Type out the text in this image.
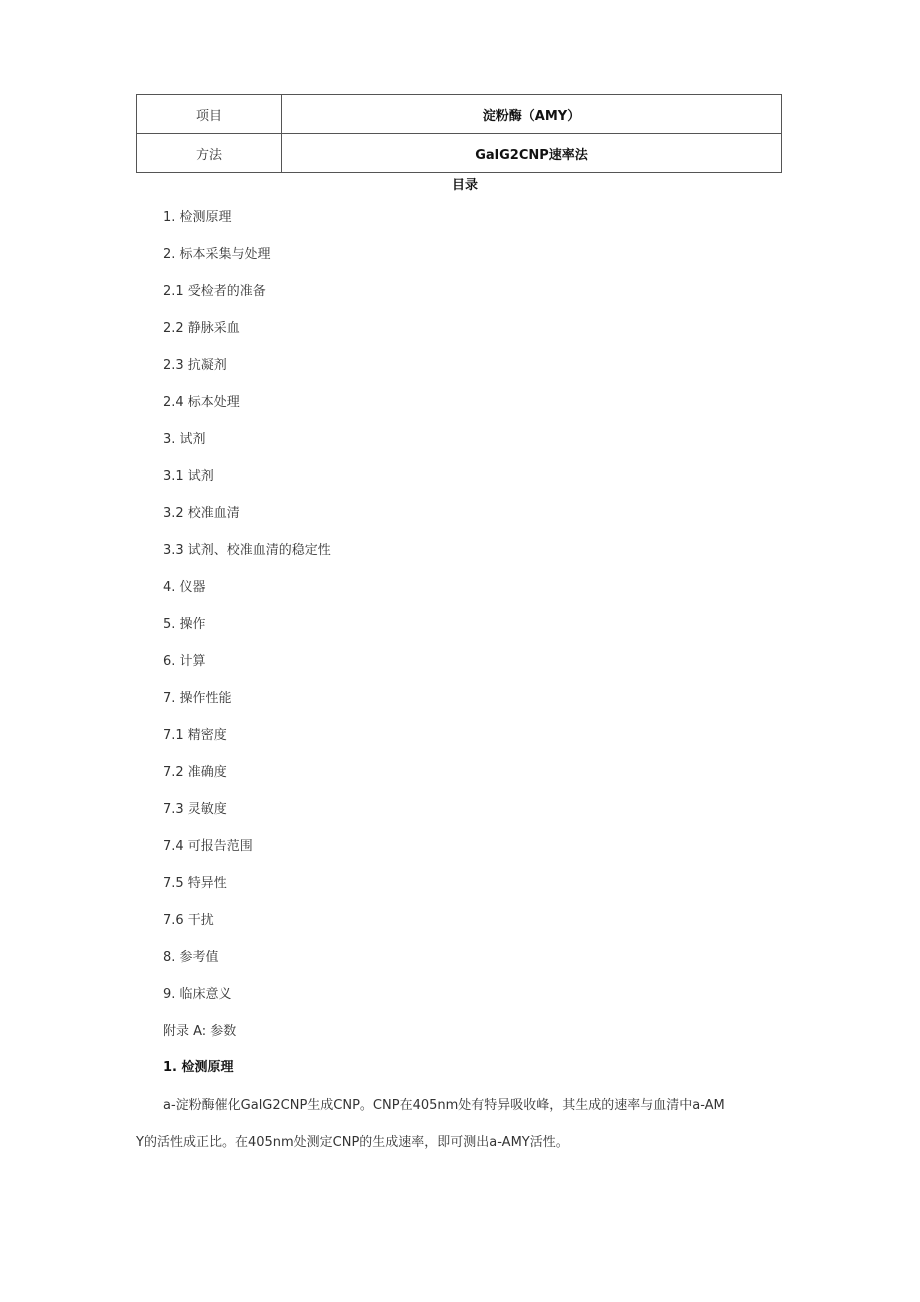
项目	淀粉酶（AMY）
方法	GalG2CNP速率法
目录
1. 检测原理
2. 标本采集与处理
2.1 受检者的准备
2.2 静脉采血
2.3 抗凝剂
2.4 标本处理
3. 试剂
3.1 试剂
3.2 校准血清
3.3 试剂、校准血清的稳定性
4. 仪器
5. 操作
6. 计算
7. 操作性能
7.1 精密度
7.2 准确度
7.3 灵敏度
7.4 可报告范围
7.5 特异性
7.6 干扰
8. 参考值
9. 临床意义
附录 A: 参数
1. 检测原理
a-淀粉酶催化GalG2CNP生成CNP。CNP在405nm处有特异吸收峰，其生成的速率与血清中a-AM
Y的活性成正比。在405nm处测定CNP的生成速率，即可测出a-AMY活性。
